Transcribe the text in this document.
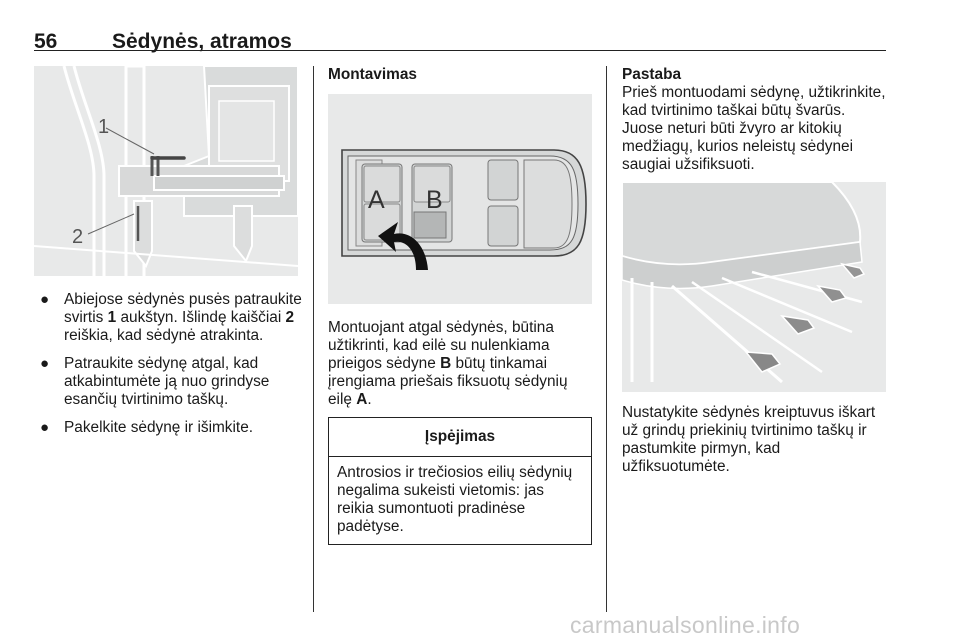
56	Sėdynės, atramos
1
2
● Abiejose sėdynės pusės patraukite svirtis 1 aukštyn. Išlindę kaiščiai 2 reiškia, kad sėdynė atrakinta.
● Patraukite sėdynę atgal, kad atkabintumėte ją nuo grindyse esančių tvirtinimo taškų.
● Pakelkite sėdynę ir išimkite.
Montavimas
A B
Montuojant atgal sėdynės, būtina užtikrinti, kad eilė su nulenkiama prieigos sėdyne B būtų tinkamai įrengiama priešais fiksuotų sėdynių eilę A.
Įspėjimas
Antrosios ir trečiosios eilių sėdynių negalima sukeisti vietomis: jas reikia sumontuoti pradinėse padėtyse.
Pastaba
Prieš montuodami sėdynę, užtikrinkite, kad tvirtinimo taškai būtų švarūs. Juose neturi būti žvyro ar kitokių medžiagų, kurios neleistų sėdynei saugiai užsifiksuoti.
Nustatykite sėdynės kreiptuvus iškart už grindų priekinių tvirtinimo taškų ir pastumkite pirmyn, kad užfiksuotumėte.
carmanualsonline.info
